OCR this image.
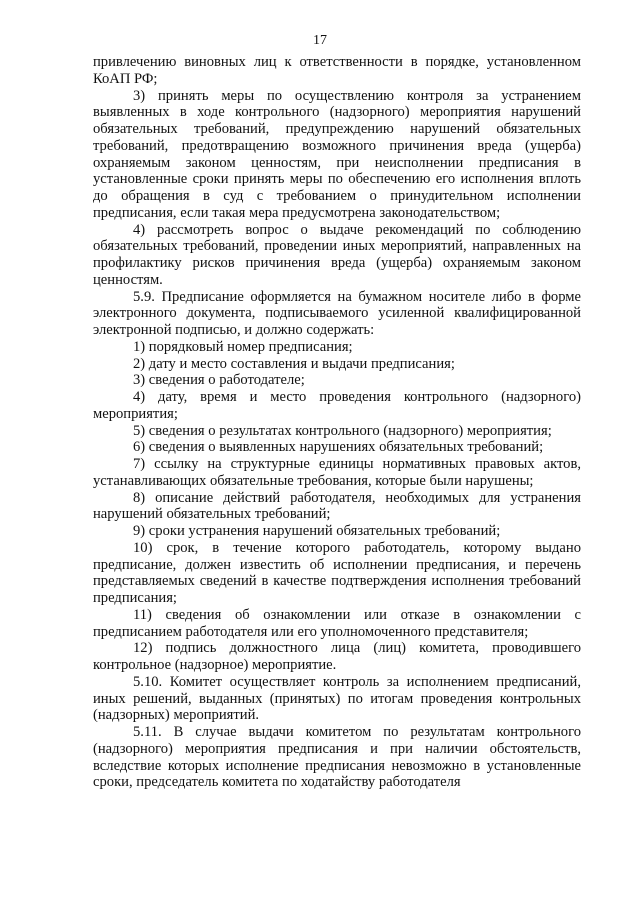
17

привлечению виновных лиц к ответственности в порядке, установленном КоАП РФ;

3) принять меры по осуществлению контроля за устранением выявленных в ходе контрольного (надзорного) мероприятия нарушений обязательных требований, предупреждению нарушений обязательных требований, предотвращению возможного причинения вреда (ущерба) охраняемым законом ценностям, при неисполнении предписания в установленные сроки принять меры по обеспечению его исполнения вплоть до обращения в суд с требованием о принудительном исполнении предписания, если такая мера предусмотрена законодательством;

4) рассмотреть вопрос о выдаче рекомендаций по соблюдению обязательных требований, проведении иных мероприятий, направленных на профилактику рисков причинения вреда (ущерба) охраняемым законом ценностям.

5.9. Предписание оформляется на бумажном носителе либо в форме электронного документа, подписываемого усиленной квалифицированной электронной подписью, и должно содержать:

1) порядковый номер предписания;

2) дату и место составления и выдачи предписания;

3) сведения о работодателе;

4) дату, время и место проведения контрольного (надзорного) мероприятия;

5) сведения о результатах контрольного (надзорного) мероприятия;

6) сведения о выявленных нарушениях обязательных требований;

7) ссылку на структурные единицы нормативных правовых актов, устанавливающих обязательные требования, которые были нарушены;

8) описание действий работодателя, необходимых для устранения нарушений обязательных требований;

9) сроки устранения нарушений обязательных требований;

10) срок, в течение которого работодатель, которому выдано предписание, должен известить об исполнении предписания, и перечень представляемых сведений в качестве подтверждения исполнения требований предписания;

11) сведения об ознакомлении или отказе в ознакомлении с предписанием работодателя или его уполномоченного представителя;

12) подпись должностного лица (лиц) комитета, проводившего контрольное (надзорное) мероприятие.

5.10. Комитет осуществляет контроль за исполнением предписаний, иных решений, выданных (принятых) по итогам проведения контрольных (надзорных) мероприятий.

5.11. В случае выдачи комитетом по результатам контрольного (надзорного) мероприятия предписания и при наличии обстоятельств, вследствие которых исполнение предписания невозможно в установленные сроки, председатель комитета по ходатайству работодателя
